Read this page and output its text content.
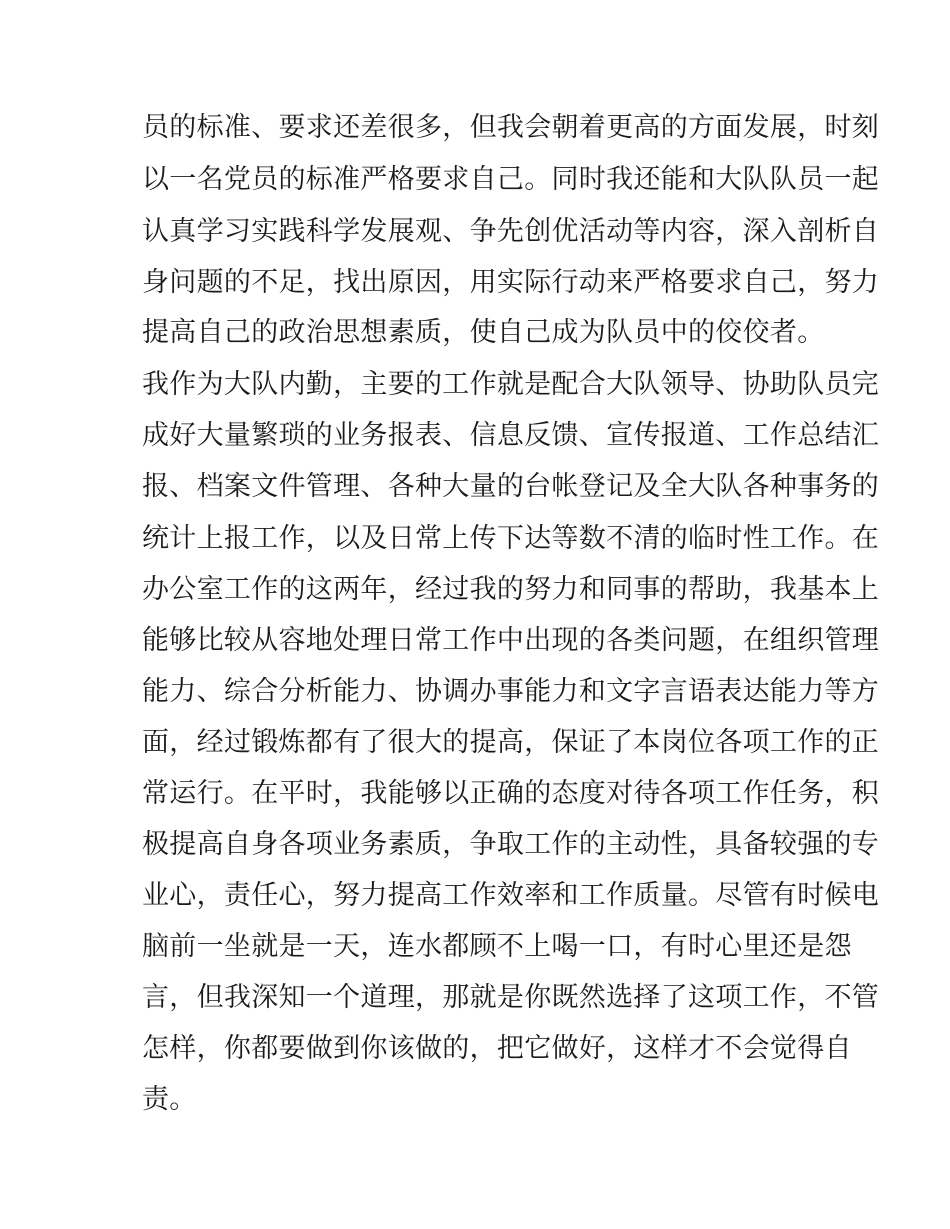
员的标准、要求还差很多，但我会朝着更高的方面发展，时刻
以一名党员的标准严格要求自己。同时我还能和大队队员一起
认真学习实践科学发展观、争先创优活动等内容，深入剖析自
身问题的不足，找出原因，用实际行动来严格要求自己，努力
提高自己的政治思想素质，使自己成为队员中的佼佼者。
我作为大队内勤，主要的工作就是配合大队领导、协助队员完
成好大量繁琐的业务报表、信息反馈、宣传报道、工作总结汇
报、档案文件管理、各种大量的台帐登记及全大队各种事务的
统计上报工作，以及日常上传下达等数不清的临时性工作。在
办公室工作的这两年，经过我的努力和同事的帮助，我基本上
能够比较从容地处理日常工作中出现的各类问题，在组织管理
能力、综合分析能力、协调办事能力和文字言语表达能力等方
面，经过锻炼都有了很大的提高，保证了本岗位各项工作的正
常运行。在平时，我能够以正确的态度对待各项工作任务，积
极提高自身各项业务素质，争取工作的主动性，具备较强的专
业心，责任心，努力提高工作效率和工作质量。尽管有时候电
脑前一坐就是一天，连水都顾不上喝一口，有时心里还是怨
言，但我深知一个道理，那就是你既然选择了这项工作，不管
怎样，你都要做到你该做的，把它做好，这样才不会觉得自
责。
